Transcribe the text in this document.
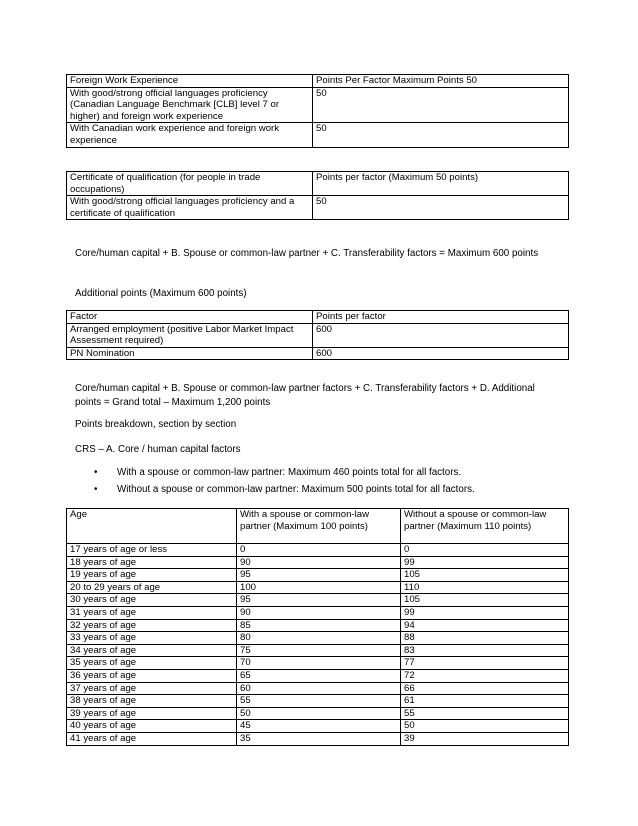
Foreign Work Experience	Points Per Factor Maximum Points 50
With good/strong official languages proficiency (Canadian Language Benchmark [CLB] level 7 or higher) and foreign work experience	50
With Canadian work experience and foreign work experience	50
Certificate of qualification (for people in trade occupations)	Points per factor (Maximum 50 points)
With good/strong official languages proficiency and a certificate of qualification	50
Core/human capital + B. Spouse or common-law partner + C. Transferability factors = Maximum 600 points
Additional points (Maximum 600 points)
Factor	Points per factor
Arranged employment (positive Labor Market Impact Assessment required)	600
PN Nomination	600
Core/human capital + B. Spouse or common-law partner factors + C. Transferability factors + D. Additional points = Grand total – Maximum 1,200 points
Points breakdown, section by section
CRS – A. Core / human capital factors
• With a spouse or common-law partner: Maximum 460 points total for all factors.
• Without a spouse or common-law partner: Maximum 500 points total for all factors.
Age	With a spouse or common-law partner (Maximum 100 points)	Without a spouse or common-law partner (Maximum 110 points)
17 years of age or less	0	0
18 years of age	90	99
19 years of age	95	105
20 to 29 years of age	100	110
30 years of age	95	105
31 years of age	90	99
32 years of age	85	94
33 years of age	80	88
34 years of age	75	83
35 years of age	70	77
36 years of age	65	72
37 years of age	60	66
38 years of age	55	61
39 years of age	50	55
40 years of age	45	50
41 years of age	35	39
